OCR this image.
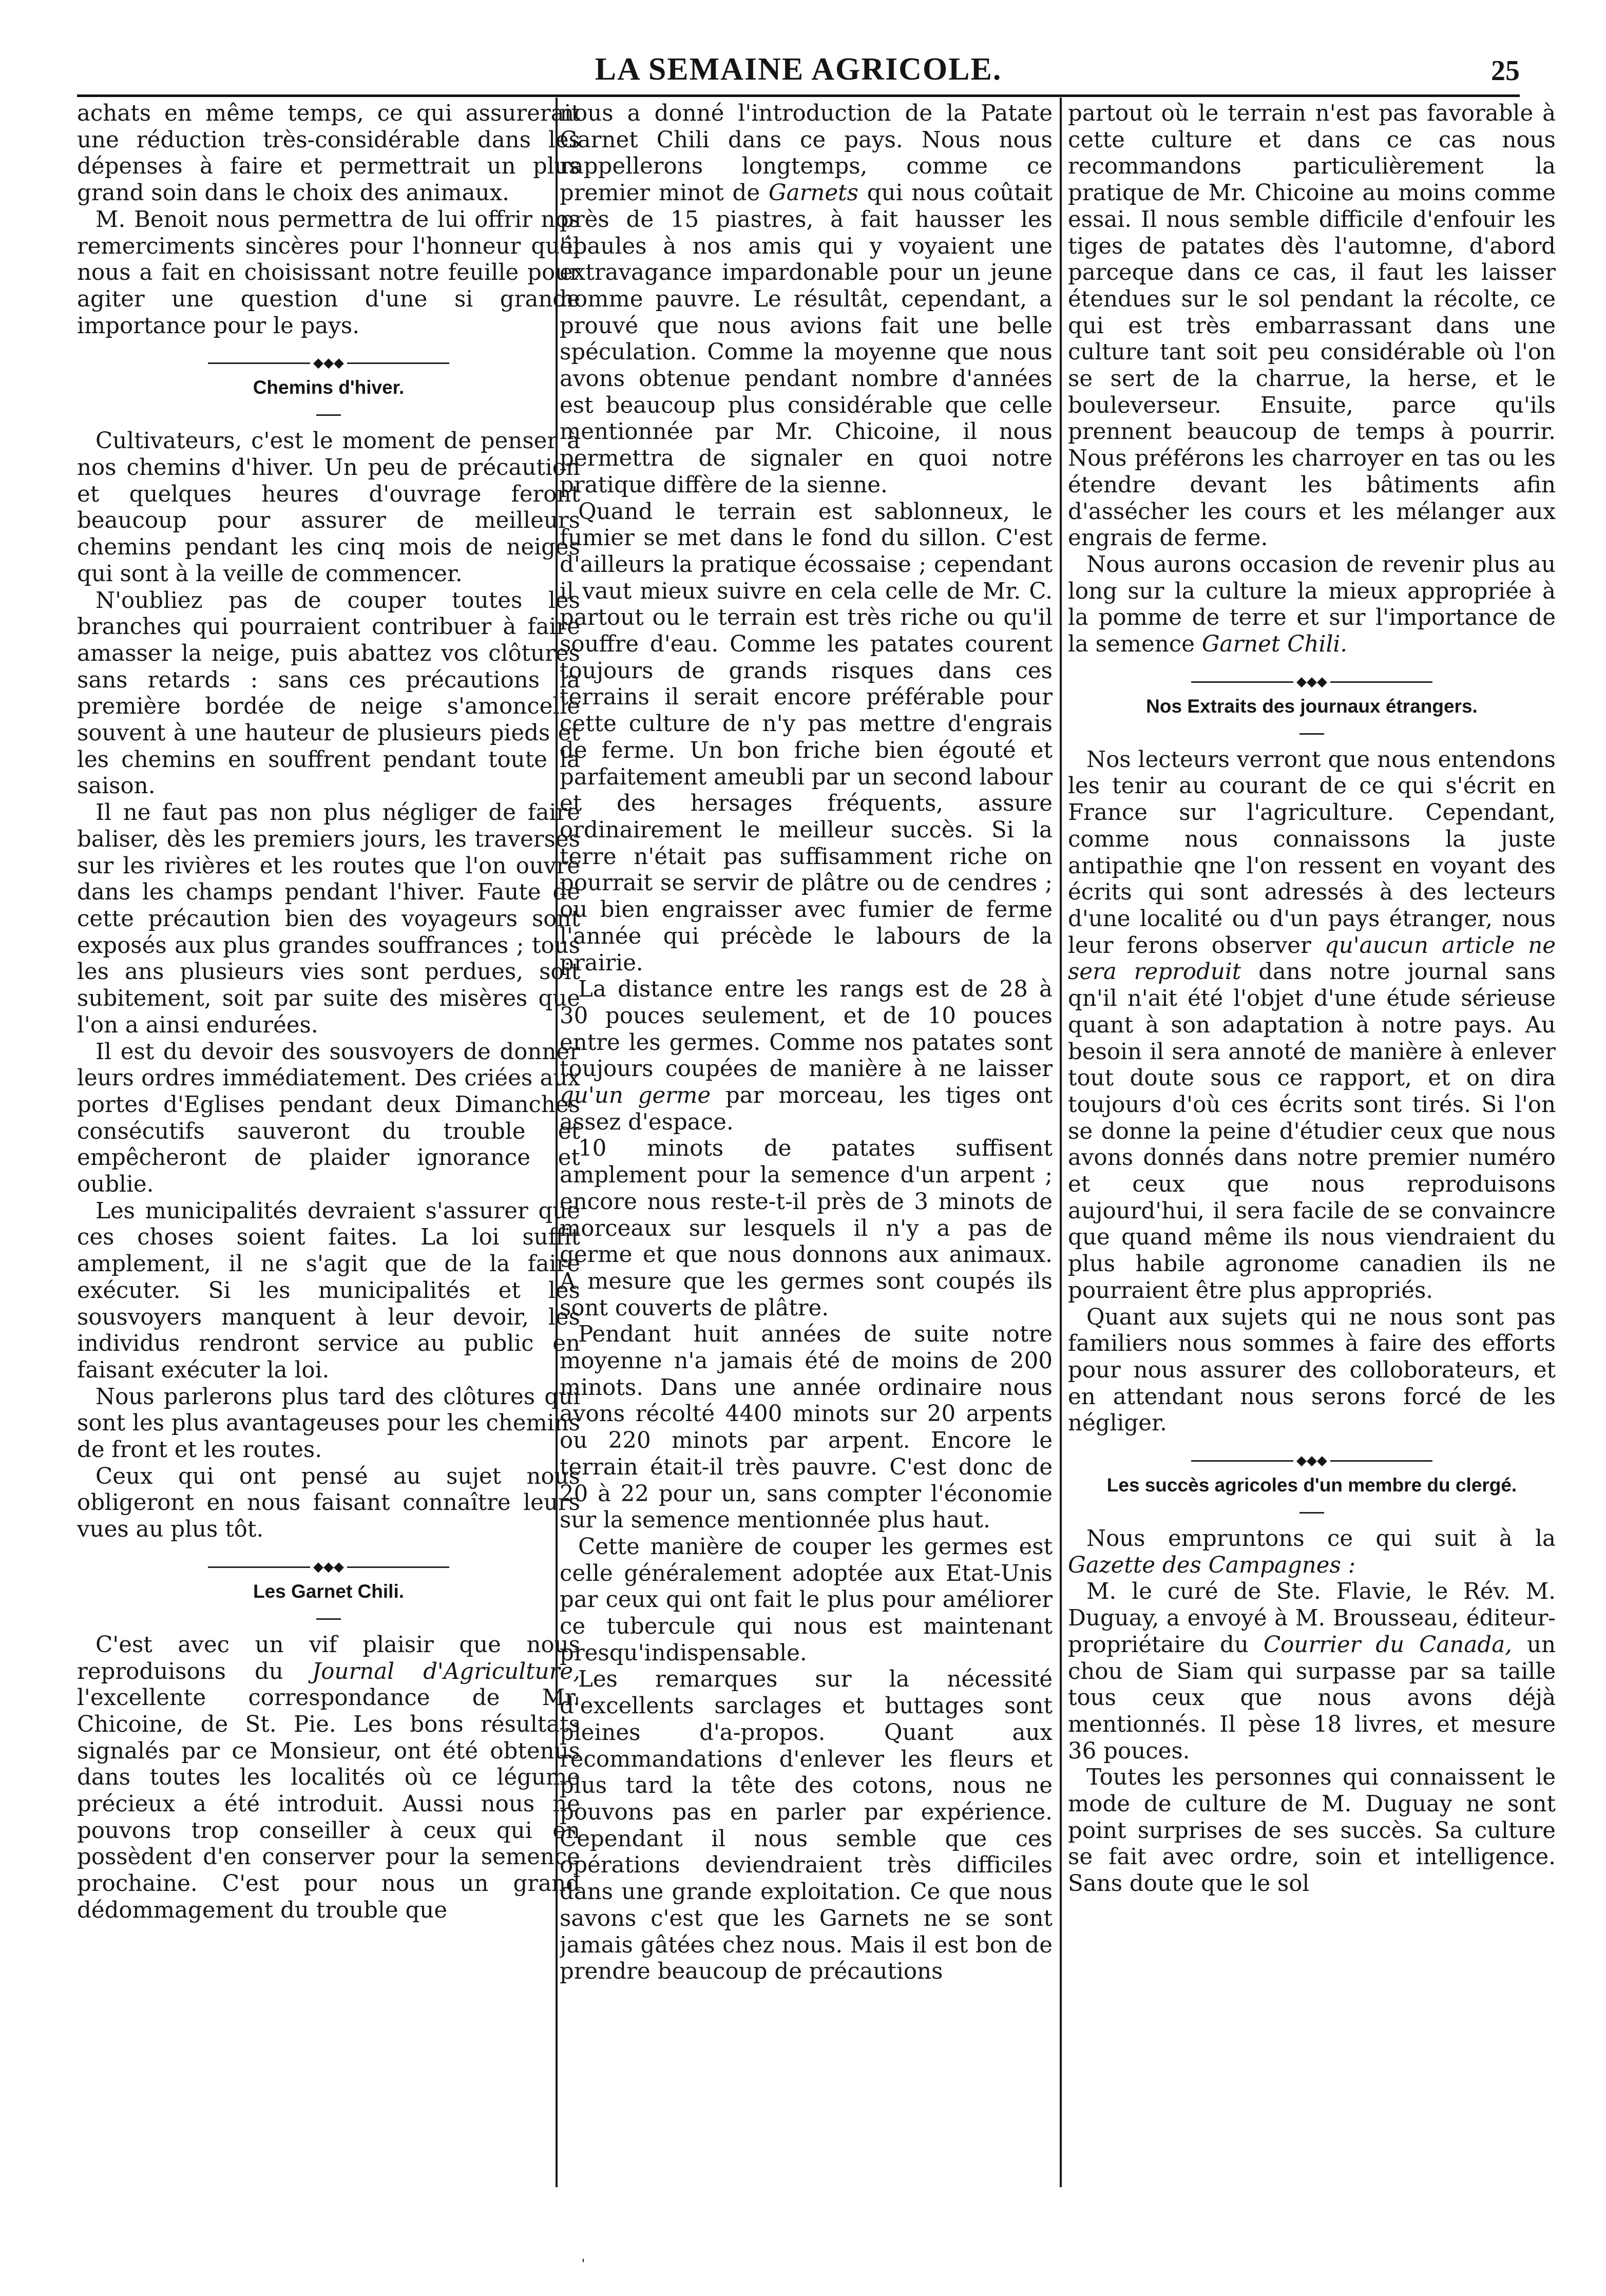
LA SEMAINE AGRICOLE.	25

achats en même temps, ce qui assurerait une réduction très-considérable dans les dépenses à faire et permettrait un plus grand soin dans le choix des animaux.

M. Benoit nous permettra de lui offrir nos remerciments sincères pour l'honneur qu'il nous a fait en choisissant notre feuille pour agiter une question d'une si grande importance pour le pays.

◆◆◆
Chemins d'hiver.

Cultivateurs, c'est le moment de penser à nos chemins d'hiver. Un peu de précaution et quelques heures d'ouvrage feront beaucoup pour assurer de meilleurs chemins pendant les cinq mois de neiges qui sont à la veille de commencer.

N'oubliez pas de couper toutes les branches qui pourraient contribuer à faire amasser la neige, puis abattez vos clôtures sans retards : sans ces précautions la première bordée de neige s'amoncelle souvent à une hauteur de plusieurs pieds et les chemins en souffrent pendant toute la saison.

Il ne faut pas non plus négliger de faire baliser, dès les premiers jours, les traverses sur les rivières et les routes que l'on ouvre dans les champs pendant l'hiver. Faute de cette précaution bien des voyageurs sont exposés aux plus grandes souffrances ; tous les ans plusieurs vies sont perdues, soit subitement, soit par suite des misères que l'on a ainsi endurées.

Il est du devoir des sousvoyers de donner leurs ordres immédiatement. Des criées aux portes d'Eglises pendant deux Dimanches consécutifs sauveront du trouble et empêcheront de plaider ignorance et oublie.

Les municipalités devraient s'assurer que ces choses soient faites. La loi suffit amplement, il ne s'agit que de la faire exécuter. Si les municipalités et les sousvoyers manquent à leur devoir, les individus rendront service au public en faisant exécuter la loi.

Nous parlerons plus tard des clôtures qui sont les plus avantageuses pour les chemins de front et les routes.

Ceux qui ont pensé au sujet nous obligeront en nous faisant connaître leurs vues au plus tôt.

◆◆◆
Les Garnet Chili.

C'est avec un vif plaisir que nous reproduisons du Journal d'Agriculture, l'excellente correspondance de Mr. Chicoine, de St. Pie. Les bons résultats signalés par ce Monsieur, ont été obtenus dans toutes les localités où ce légume précieux a été introduit. Aussi nous ne pouvons trop conseiller à ceux qui en possèdent d'en conserver pour la semence prochaine. C'est pour nous un grand dédommagement du trouble que

nous a donné l'introduction de la Patate Garnet Chili dans ce pays. Nous nous rappellerons longtemps, comme ce premier minot de Garnets qui nous coûtait près de 15 piastres, à fait hausser les épaules à nos amis qui y voyaient une extravagance impardonable pour un jeune homme pauvre. Le résultât, cependant, a prouvé que nous avions fait une belle spéculation. Comme la moyenne que nous avons obtenue pendant nombre d'années est beaucoup plus considérable que celle mentionnée par Mr. Chicoine, il nous permettra de signaler en quoi notre pratique diffère de la sienne.

Quand le terrain est sablonneux, le fumier se met dans le fond du sillon. C'est d'ailleurs la pratique écossaise ; cependant il vaut mieux suivre en cela celle de Mr. C. partout ou le terrain est très riche ou qu'il souffre d'eau. Comme les patates courent toujours de grands risques dans ces terrains il serait encore préférable pour cette culture de n'y pas mettre d'engrais de ferme. Un bon friche bien égouté et parfaitement ameubli par un second labour et des hersages fréquents, assure ordinairement le meilleur succès. Si la terre n'était pas suffisamment riche on pourrait se servir de plâtre ou de cendres ; ou bien engraisser avec fumier de ferme l'année qui précède le labours de la prairie.

La distance entre les rangs est de 28 à 30 pouces seulement, et de 10 pouces entre les germes. Comme nos patates sont toujours coupées de manière à ne laisser qu'un germe par morceau, les tiges ont assez d'espace.

10 minots de patates suffisent amplement pour la semence d'un arpent ; encore nous reste-t-il près de 3 minots de morceaux sur lesquels il n'y a pas de germe et que nous donnons aux animaux. A mesure que les germes sont coupés ils sont couverts de plâtre.

Pendant huit années de suite notre moyenne n'a jamais été de moins de 200 minots. Dans une année ordinaire nous avons récolté 4400 minots sur 20 arpents ou 220 minots par arpent. Encore le terrain était-il très pauvre. C'est donc de 20 à 22 pour un, sans compter l'économie sur la semence mentionnée plus haut.

Cette manière de couper les germes est celle généralement adoptée aux Etat-Unis par ceux qui ont fait le plus pour améliorer ce tubercule qui nous est maintenant presqu'indispensable.

Les remarques sur la nécessité d'excellents sarclages et buttages sont pleines d'a-propos. Quant aux recommandations d'enlever les fleurs et plus tard la tête des cotons, nous ne pouvons pas en parler par expérience. Cependant il nous semble que ces opérations deviendraient très difficiles dans une grande exploitation. Ce que nous savons c'est que les Garnets ne se sont jamais gâtées chez nous. Mais il est bon de prendre beaucoup de précautions

partout où le terrain n'est pas favorable à cette culture et dans ce cas nous recommandons particulièrement la pratique de Mr. Chicoine au moins comme essai. Il nous semble difficile d'enfouir les tiges de patates dès l'automne, d'abord parceque dans ce cas, il faut les laisser étendues sur le sol pendant la récolte, ce qui est très embarrassant dans une culture tant soit peu considérable où l'on se sert de la charrue, la herse, et le bouleverseur. Ensuite, parce qu'ils prennent beaucoup de temps à pourrir. Nous préférons les charroyer en tas ou les étendre devant les bâtiments afin d'assécher les cours et les mélanger aux engrais de ferme.

Nous aurons occasion de revenir plus au long sur la culture la mieux appropriée à la pomme de terre et sur l'importance de la semence Garnet Chili.

◆◆◆
Nos Extraits des journaux étrangers.

Nos lecteurs verront que nous entendons les tenir au courant de ce qui s'écrit en France sur l'agriculture. Cependant, comme nous connaissons la juste antipathie qne l'on ressent en voyant des écrits qui sont adressés à des lecteurs d'une localité ou d'un pays étranger, nous leur ferons observer qu'aucun article ne sera reproduit dans notre journal sans qn'il n'ait été l'objet d'une étude sérieuse quant à son adaptation à notre pays. Au besoin il sera annoté de manière à enlever tout doute sous ce rapport, et on dira toujours d'où ces écrits sont tirés. Si l'on se donne la peine d'étudier ceux que nous avons donnés dans notre premier numéro et ceux que nous reproduisons aujourd'hui, il sera facile de se convaincre que quand même ils nous viendraient du plus habile agronome canadien ils ne pourraient être plus appropriés.

Quant aux sujets qui ne nous sont pas familiers nous sommes à faire des efforts pour nous assurer des colloborateurs, et en attendant nous serons forcé de les négliger.

◆◆◆
Les succès agricoles d'un membre du clergé.

Nous empruntons ce qui suit à la Gazette des Campagnes :

M. le curé de Ste. Flavie, le Rév. M. Duguay, a envoyé à M. Brousseau, éditeur-propriétaire du Courrier du Canada, un chou de Siam qui surpasse par sa taille tous ceux que nous avons déjà mentionnés. Il pèse 18 livres, et mesure 36 pouces.

Toutes les personnes qui connaissent le mode de culture de M. Duguay ne sont point surprises de ses succès. Sa culture se fait avec ordre, soin et intelligence. Sans doute que le sol

ˈ
